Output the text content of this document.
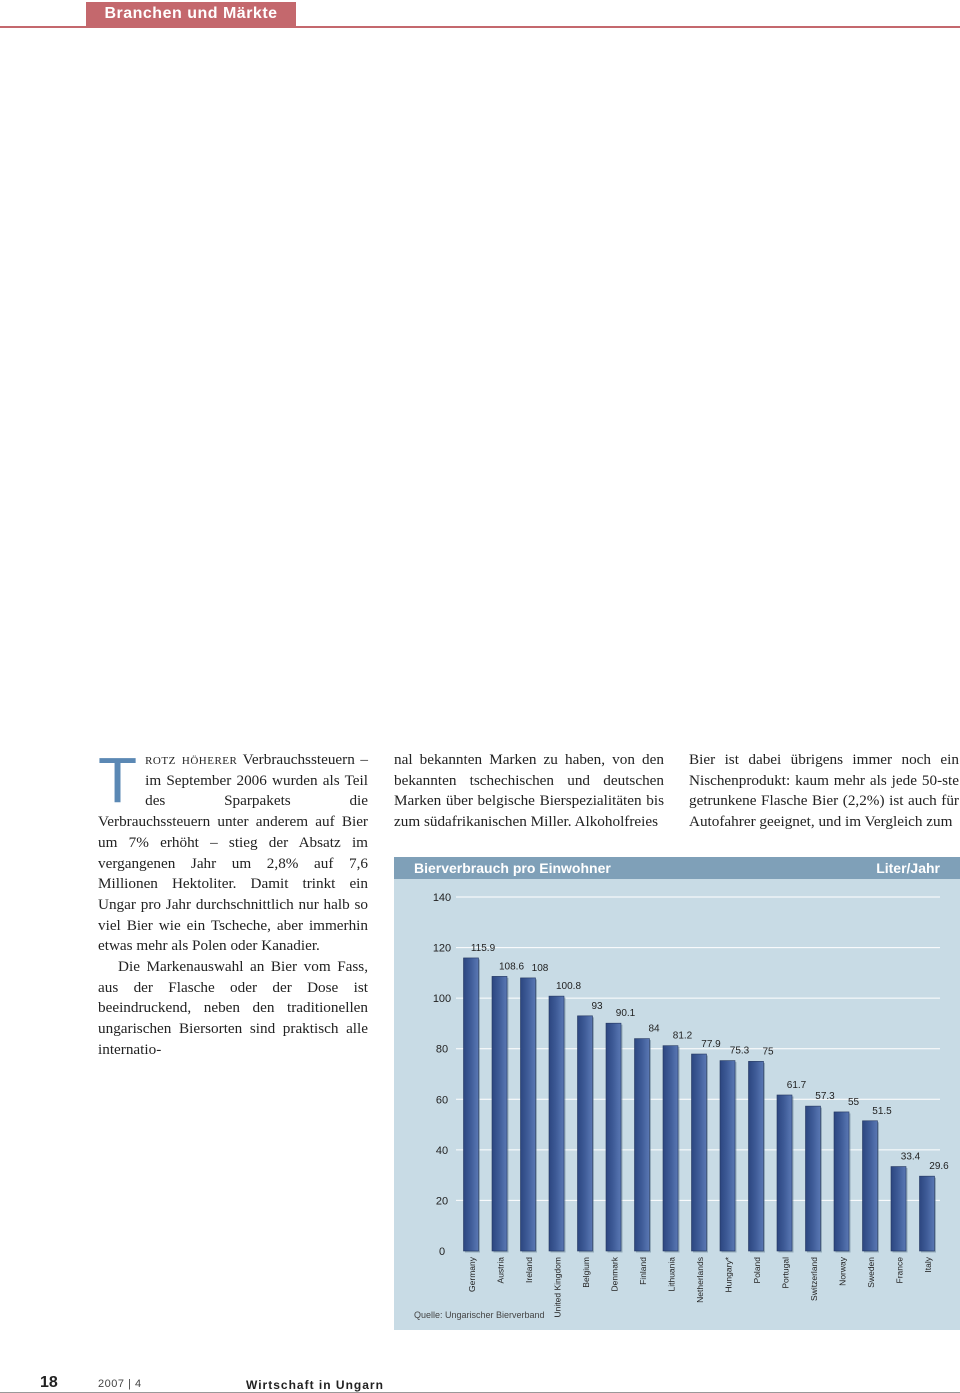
Branchen und Märkte

Trotz höherer Verbrauchssteuern – im September 2006 wurden als Teil des Sparpakets die Verbrauchssteuern unter anderem auf Bier um 7% erhöht – stieg der Absatz im vergangenen Jahr um 2,8% auf 7,6 Millionen Hektoliter. Damit trinkt ein Ungar pro Jahr durchschnittlich nur halb so viel Bier wie ein Tscheche, aber immerhin etwas mehr als Polen oder Kanadier.

Die Markenauswahl an Bier vom Fass, aus der Flasche oder der Dose ist beeindruckend, neben den traditionellen ungarischen Biersorten sind praktisch alle internatio-

nal bekannten Marken zu haben, von den bekannten tschechischen und deutschen Marken über belgische Bierspezialitäten bis zum südafrikanischen Miller. Alkoholfreies

Bier ist dabei übrigens immer noch ein Nischenprodukt: kaum mehr als jede 50-ste getrunkene Flasche Bier (2,2%) ist auch für Autofahrer geeignet, und im Vergleich zum

0
20
40
60
80
100
120
140
115.9
Germany
108.6
Austria
108
Ireland
100.8
United Kingdom
93
Belgium
90.1
Denmark
84
Finland
81.2
Lithuania
77.9
Netherlands
75.3
Hungary*
75
Poland
61.7
Portugal
57.3
Switzerland
55
Norway
51.5
Sweden
33.4
France
29.6
Italy
Bierverbrauch pro Einwohner	Liter/Jahr
Quelle: Ungarischer Bierverband
18	2007 | 4	Wirtschaft in Ungarn
